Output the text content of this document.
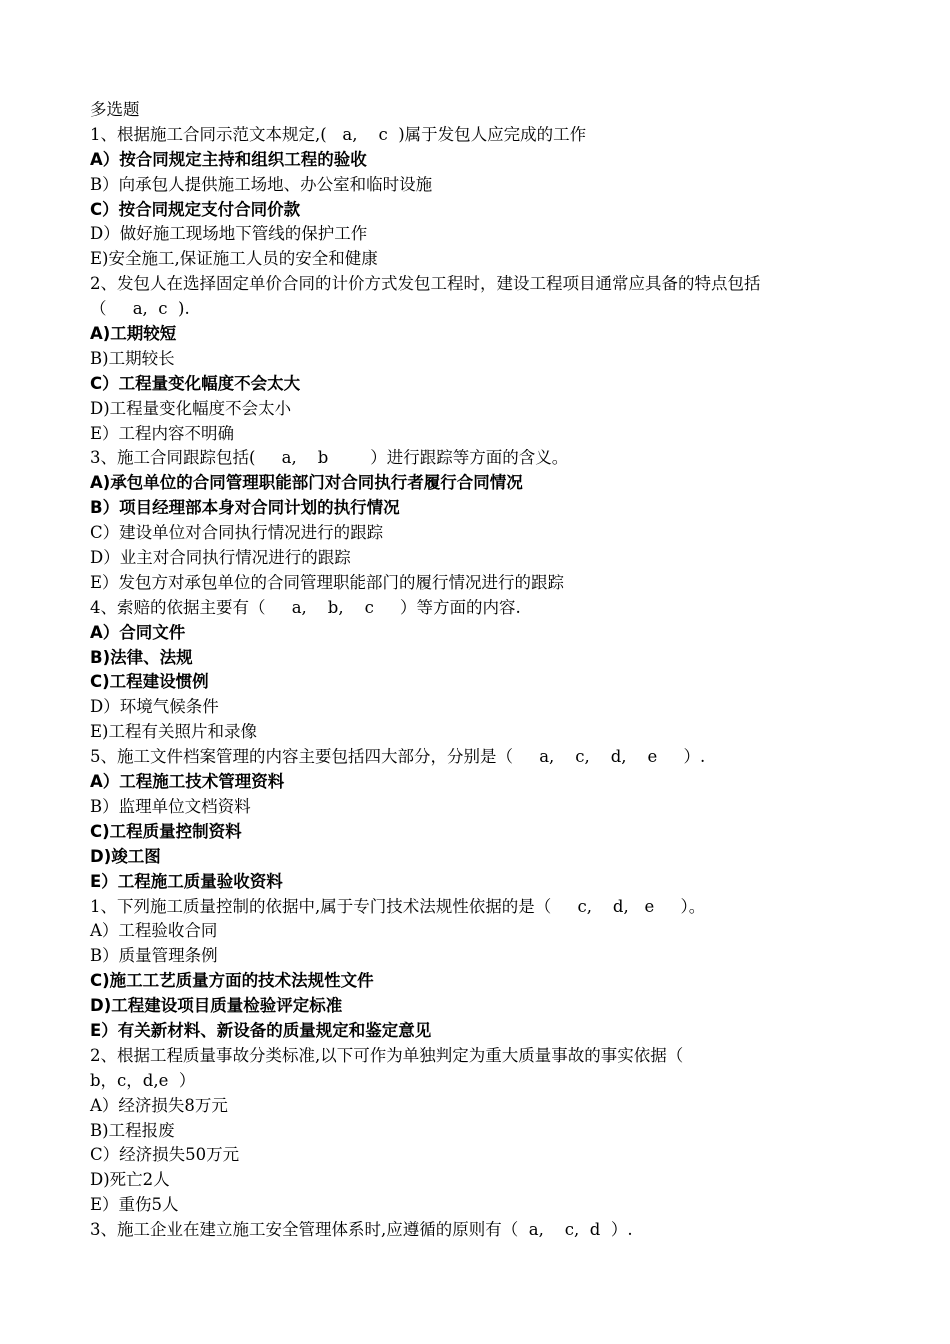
多选题
1、根据施工合同示范文本规定,(   a,    c  )属于发包人应完成的工作
A）按合同规定主持和组织工程的验收
B）向承包人提供施工场地、办公室和临时设施
C）按合同规定支付合同价款
D）做好施工现场地下管线的保护工作
E)安全施工,保证施工人员的安全和健康
2、发包人在选择固定单价合同的计价方式发包工程时，建设工程项目通常应具备的特点包括
（     a,  c  ).
A)工期较短
B)工期较长
C）工程量变化幅度不会太大
D)工程量变化幅度不会太小
E）工程内容不明确
3、施工合同跟踪包括(     a,    b        ）进行跟踪等方面的含义。
A)承包单位的合同管理职能部门对合同执行者履行合同情况
B）项目经理部本身对合同计划的执行情况
C）建设单位对合同执行情况进行的跟踪
D）业主对合同执行情况进行的跟踪
E）发包方对承包单位的合同管理职能部门的履行情况进行的跟踪
4、索赔的依据主要有（     a,    b,    c     ）等方面的内容.
A）合同文件
B)法律、法规
C)工程建设惯例
D）环境气候条件
E)工程有关照片和录像
5、施工文件档案管理的内容主要包括四大部分，分别是（     a,    c,    d,    e     ）.
A）工程施工技术管理资料
B）监理单位文档资料
C)工程质量控制资料
D)竣工图
E）工程施工质量验收资料
1、下列施工质量控制的依据中,属于专门技术法规性依据的是（     c,    d,   e     ）。
A）工程验收合同
B）质量管理条例
C)施工工艺质量方面的技术法规性文件
D)工程建设项目质量检验评定标准
E）有关新材料、新设备的质量规定和鉴定意见
2、根据工程质量事故分类标准,以下可作为单独判定为重大质量事故的事实依据（
b，c，d,e  ）
A）经济损失8万元
B)工程报废
C）经济损失50万元
D)死亡2人
E）重伤5人
3、施工企业在建立施工安全管理体系时,应遵循的原则有（  a,    c,  d  ）.
